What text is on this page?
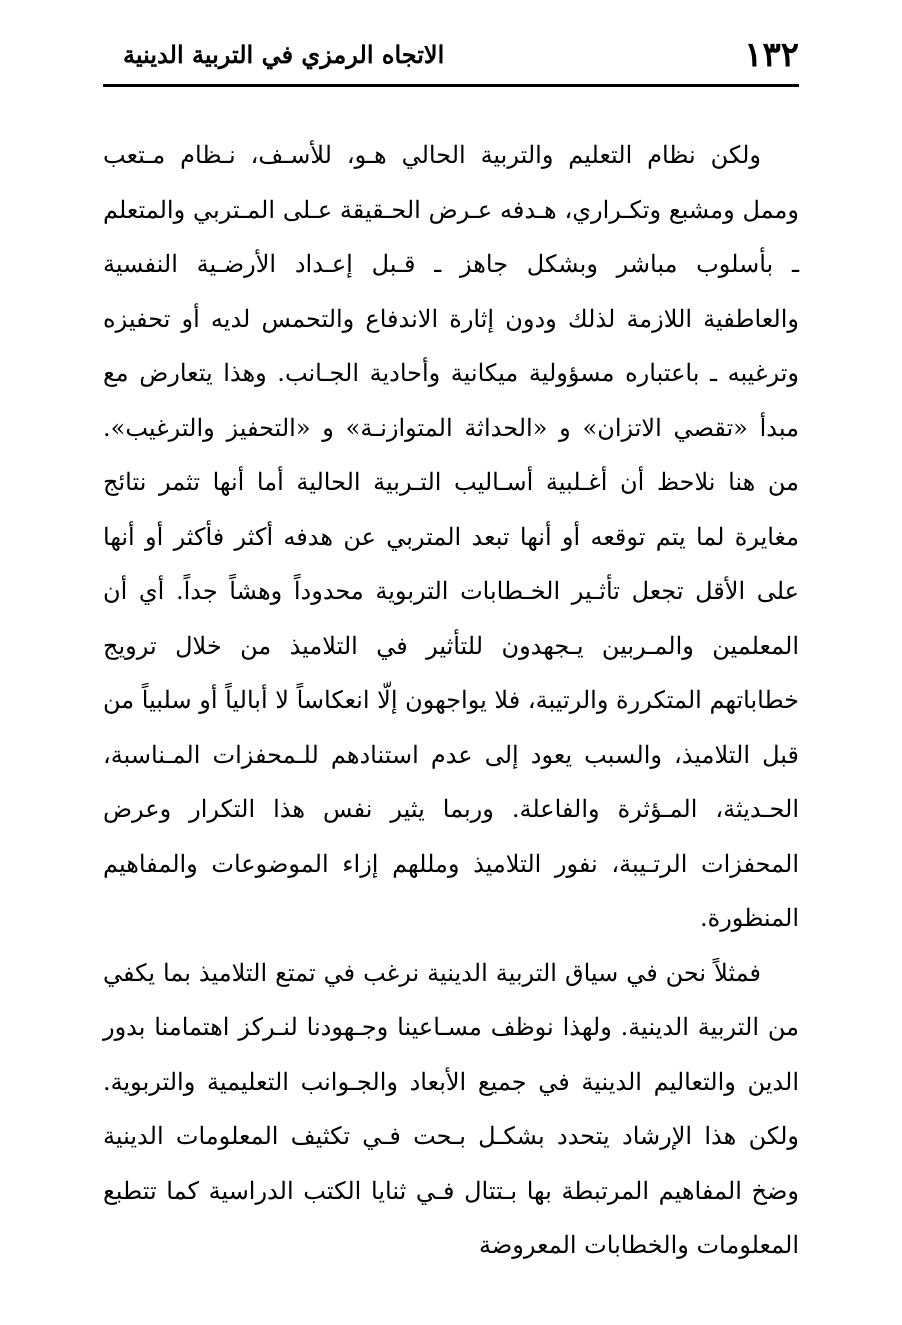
١٣٢
الاتجاه الرمزي في التربية الدينية

ولكن نظام التعليم والتربية الحالي هـو، للأسـف، نـظام مـتعب وممل ومشبع وتكـراري، هـدفه عـرض الحـقيقة عـلى المـتربي والمتعلم ـ بأسلوب مباشر وبشكل جاهز ـ قـبل إعـداد الأرضـية النفسية والعاطفية اللازمة لذلك ودون إثارة الاندفاع والتحمس لديه أو تحفيزه وترغيبه ـ باعتباره مسؤولية ميكانية وأحادية الجـانب. وهذا يتعارض مع مبدأ «تقصي الاتزان» و «الحداثة المتوازنـة» و «التحفيز والترغيب». من هنا نلاحظ أن أغـلبية أسـاليب التـربية الحالية أما أنها تثمر نتائج مغايرة لما يتم توقعه أو أنها تبعد المتربي عن هدفه أكثر فأكثر أو أنها على الأقل تجعل تأثـير الخـطابات التربوية محدوداً وهشاً جداً. أي أن المعلمين والمـربين يـجهدون للتأثير في التلاميذ من خلال ترويج خطاباتهم المتكررة والرتيبة، فلا يواجهون إلّا انعكاساً لا أبالياً أو سلبياً من قبل التلاميذ، والسبب يعود إلى عدم استنادهم للـمحفزات المـناسبة، الحـديثة، المـؤثرة والفاعلة. وربما يثير نفس هذا التكرار وعرض المحفزات الرتـيبة، نفور التلاميذ ومللهم إزاء الموضوعات والمفاهيم المنظورة.

فمثلاً نحن في سياق التربية الدينية نرغب في تمتع التلاميذ بما يكفي من التربية الدينية. ولهذا نوظف مسـاعينا وجـهودنا لنـركز اهتمامنا بدور الدين والتعاليم الدينية في جميع الأبعاد والجـوانب التعليمية والتربوية. ولكن هذا الإرشاد يتحدد بشكـل بـحت فـي تكثيف المعلومات الدينية وضخ المفاهيم المرتبطة بها بـتتال فـي ثنايا الكتب الدراسية كما تتطبع المعلومات والخطابات المعروضة
